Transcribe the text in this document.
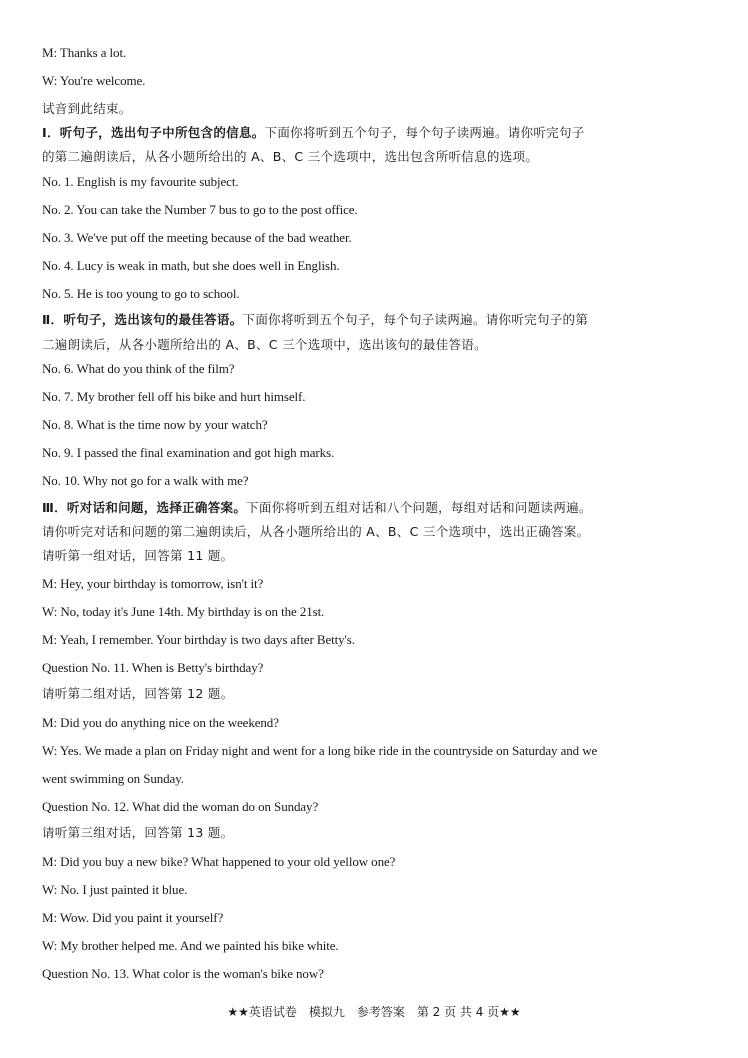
M: Thanks a lot.
W: You're welcome.
试音到此结束。
Ⅰ．听句子，选出句子中所包含的信息。下面你将听到五个句子，每个句子读两遍。请你听完句子
的第二遍朗读后，从各小题所给出的 A、B、C 三个选项中，选出包含所听信息的选项。
No. 1. English is my favourite subject.
No. 2. You can take the Number 7 bus to go to the post office.
No. 3. We've put off the meeting because of the bad weather.
No. 4. Lucy is weak in math, but she does well in English.
No. 5. He is too young to go to school.
Ⅱ．听句子，选出该句的最佳答语。下面你将听到五个句子，每个句子读两遍。请你听完句子的第
二遍朗读后，从各小题所给出的 A、B、C 三个选项中，选出该句的最佳答语。
No. 6. What do you think of the film?
No. 7. My brother fell off his bike and hurt himself.
No. 8. What is the time now by your watch?
No. 9. I passed the final examination and got high marks.
No. 10. Why not go for a walk with me?
Ⅲ．听对话和问题，选择正确答案。下面你将听到五组对话和八个问题，每组对话和问题读两遍。
请你听完对话和问题的第二遍朗读后，从各小题所给出的 A、B、C 三个选项中，选出正确答案。
请听第一组对话，回答第 11 题。
M: Hey, your birthday is tomorrow, isn't it?
W: No, today it's June 14th. My birthday is on the 21st.
M: Yeah, I remember. Your birthday is two days after Betty's.
Question No. 11. When is Betty's birthday?
请听第二组对话，回答第 12 题。
M: Did you do anything nice on the weekend?
W: Yes. We made a plan on Friday night and went for a long bike ride in the countryside on Saturday and we
went swimming on Sunday.
Question No. 12. What did the woman do on Sunday?
请听第三组对话，回答第 13 题。
M: Did you buy a new bike? What happened to your old yellow one?
W: No. I just painted it blue.
M: Wow. Did you paint it yourself?
W: My brother helped me. And we painted his bike white.
Question No. 13. What color is the woman's bike now?
★★英语试卷　模拟九　参考答案　第 2 页 共 4 页★★
